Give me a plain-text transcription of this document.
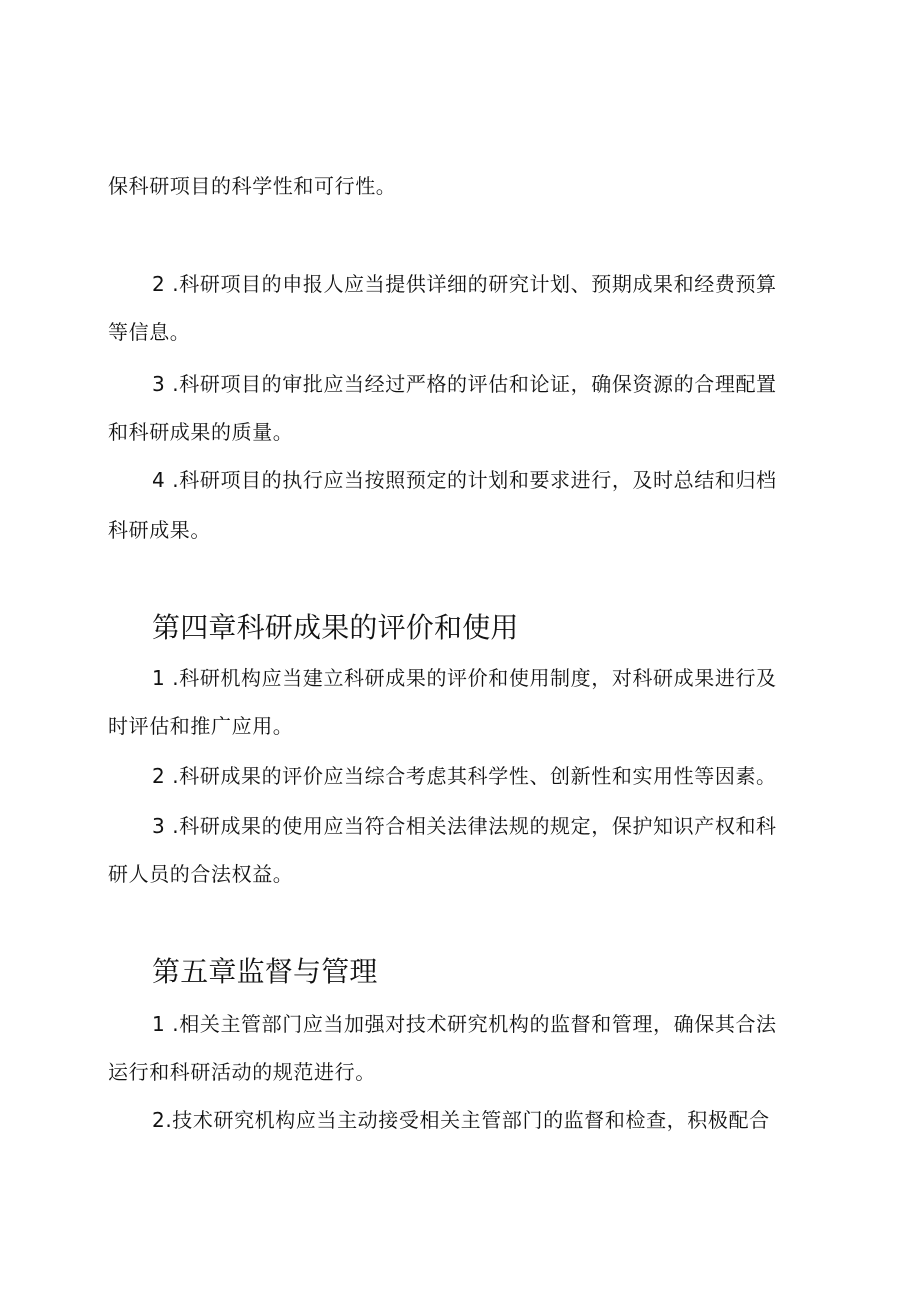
保科研项目的科学性和可行性。
2 .科研项目的申报人应当提供详细的研究计划、预期成果和经费预算
等信息。
3 .科研项目的审批应当经过严格的评估和论证，确保资源的合理配置
和科研成果的质量。
4 .科研项目的执行应当按照预定的计划和要求进行，及时总结和归档
科研成果。
第四章科研成果的评价和使用
1 .科研机构应当建立科研成果的评价和使用制度，对科研成果进行及
时评估和推广应用。
2 .科研成果的评价应当综合考虑其科学性、创新性和实用性等因素。
3 .科研成果的使用应当符合相关法律法规的规定，保护知识产权和科
研人员的合法权益。
第五章监督与管理
1 .相关主管部门应当加强对技术研究机构的监督和管理，确保其合法
运行和科研活动的规范进行。
2.技术研究机构应当主动接受相关主管部门的监督和检查，积极配合
